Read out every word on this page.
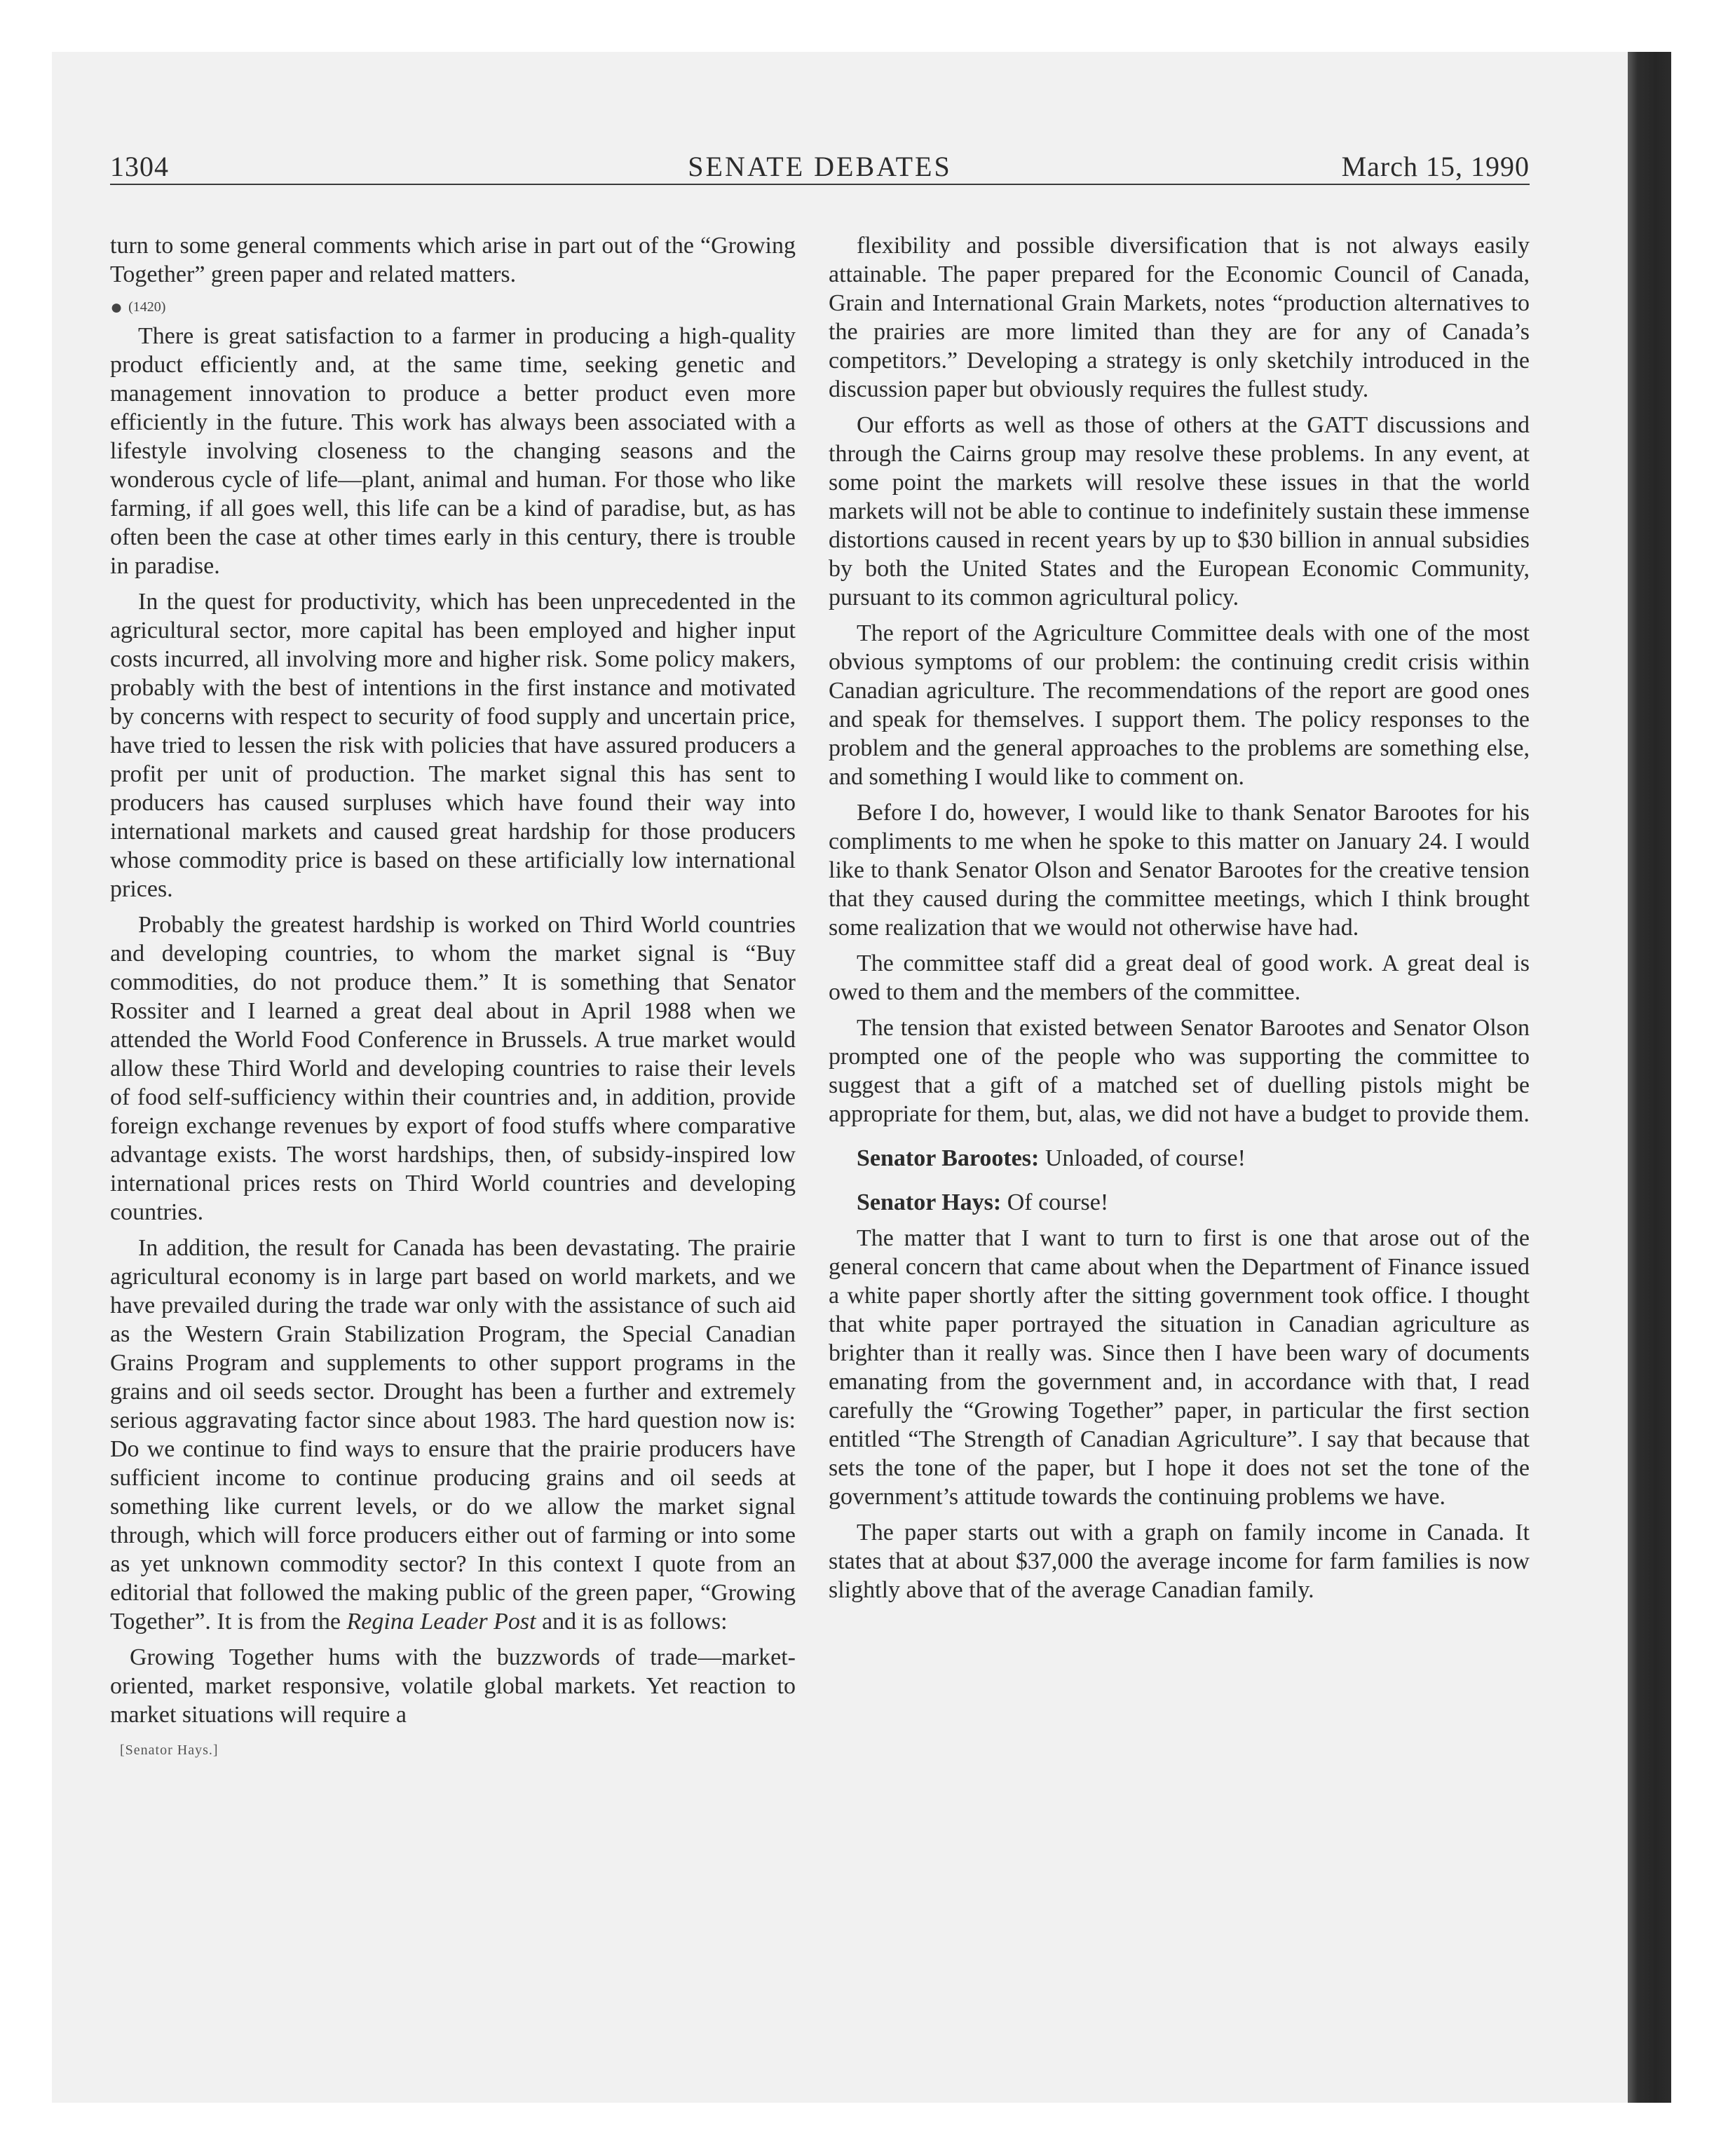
SENATE DEBATES
1304	March 15, 1990

turn to some general comments which arise in part out of the “Growing Together” green paper and related matters.

● (1420)

There is great satisfaction to a farmer in producing a high-quality product efficiently and, at the same time, seeking genetic and management innovation to produce a better product even more efficiently in the future. This work has always been associated with a lifestyle involving closeness to the changing seasons and the wonderous cycle of life—plant, animal and human. For those who like farming, if all goes well, this life can be a kind of paradise, but, as has often been the case at other times early in this century, there is trouble in paradise.

In the quest for productivity, which has been unprecedented in the agricultural sector, more capital has been employed and higher input costs incurred, all involving more and higher risk. Some policy makers, probably with the best of intentions in the first instance and motivated by concerns with respect to security of food supply and uncertain price, have tried to lessen the risk with policies that have assured producers a profit per unit of production. The market signal this has sent to producers has caused surpluses which have found their way into international markets and caused great hardship for those producers whose commodity price is based on these artificially low international prices.

Probably the greatest hardship is worked on Third World countries and developing countries, to whom the market signal is “Buy commodities, do not produce them.” It is something that Senator Rossiter and I learned a great deal about in April 1988 when we attended the World Food Conference in Brussels. A true market would allow these Third World and developing countries to raise their levels of food self-sufficiency within their countries and, in addition, provide foreign exchange revenues by export of food stuffs where comparative advantage exists. The worst hardships, then, of subsidy-inspired low international prices rests on Third World countries and developing countries.

In addition, the result for Canada has been devastating. The prairie agricultural economy is in large part based on world markets, and we have prevailed during the trade war only with the assistance of such aid as the Western Grain Stabilization Program, the Special Canadian Grains Program and supplements to other support programs in the grains and oil seeds sector. Drought has been a further and extremely serious aggravating factor since about 1983. The hard question now is: Do we continue to find ways to ensure that the prairie producers have sufficient income to continue producing grains and oil seeds at something like current levels, or do we allow the market signal through, which will force producers either out of farming or into some as yet unknown commodity sector? In this context I quote from an editorial that followed the making public of the green paper, “Growing Together”. It is from the Regina Leader Post and it is as follows:

Growing Together hums with the buzzwords of trade—market-oriented, market responsive, volatile global markets. Yet reaction to market situations will require a

[Senator Hays.]

flexibility and possible diversification that is not always easily attainable. The paper prepared for the Economic Council of Canada, Grain and International Grain Markets, notes “production alternatives to the prairies are more limited than they are for any of Canada’s competitors.” Developing a strategy is only sketchily introduced in the discussion paper but obviously requires the fullest study.

Our efforts as well as those of others at the GATT discussions and through the Cairns group may resolve these problems. In any event, at some point the markets will resolve these issues in that the world markets will not be able to continue to indefinitely sustain these immense distortions caused in recent years by up to $30 billion in annual subsidies by both the United States and the European Economic Community, pursuant to its common agricultural policy.

The report of the Agriculture Committee deals with one of the most obvious symptoms of our problem: the continuing credit crisis within Canadian agriculture. The recommendations of the report are good ones and speak for themselves. I support them. The policy responses to the problem and the general approaches to the problems are something else, and something I would like to comment on.

Before I do, however, I would like to thank Senator Barootes for his compliments to me when he spoke to this matter on January 24. I would like to thank Senator Olson and Senator Barootes for the creative tension that they caused during the committee meetings, which I think brought some realization that we would not otherwise have had.

The committee staff did a great deal of good work. A great deal is owed to them and the members of the committee.

The tension that existed between Senator Barootes and Senator Olson prompted one of the people who was supporting the committee to suggest that a gift of a matched set of duelling pistols might be appropriate for them, but, alas, we did not have a budget to provide them.

Senator Barootes: Unloaded, of course!

Senator Hays: Of course!

The matter that I want to turn to first is one that arose out of the general concern that came about when the Department of Finance issued a white paper shortly after the sitting government took office. I thought that white paper portrayed the situation in Canadian agriculture as brighter than it really was. Since then I have been wary of documents emanating from the government and, in accordance with that, I read carefully the “Growing Together” paper, in particular the first section entitled “The Strength of Canadian Agriculture”. I say that because that sets the tone of the paper, but I hope it does not set the tone of the government’s attitude towards the continuing problems we have.

The paper starts out with a graph on family income in Canada. It states that at about $37,000 the average income for farm families is now slightly above that of the average Canadian family.
